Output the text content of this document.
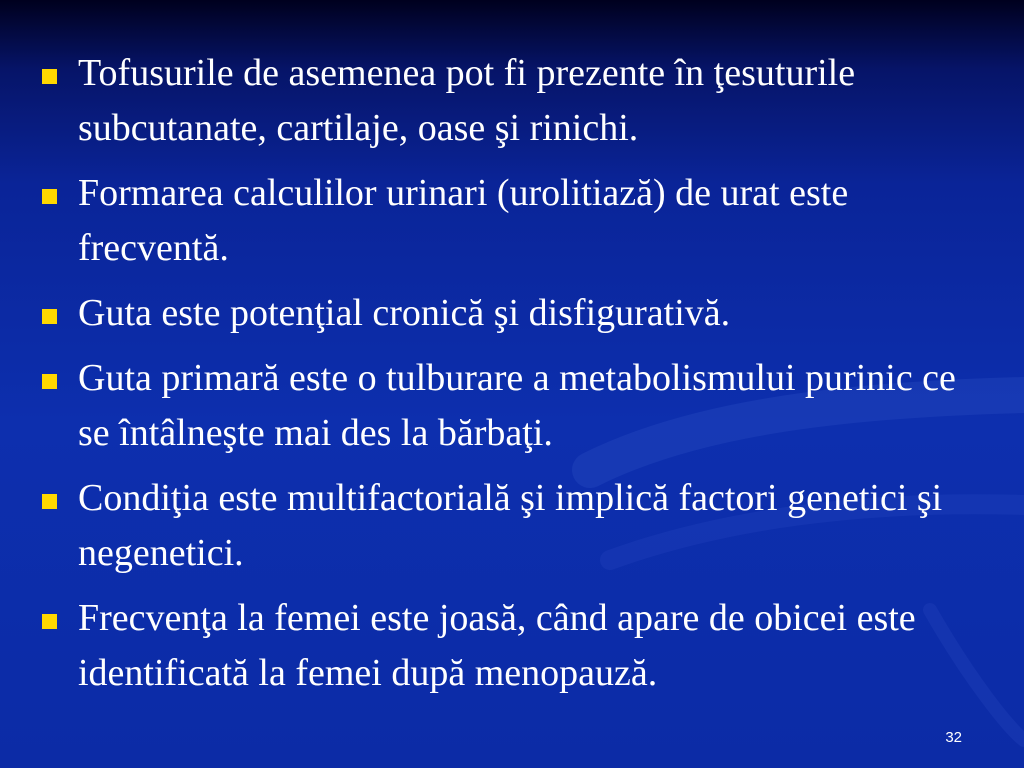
Tofusurile de asemenea pot fi prezente în ţesuturile subcutanate, cartilaje, oase şi rinichi.
Formarea calculilor urinari (urolitiază) de urat este frecventă.
Guta este potenţial cronică şi disfigurativă.
Guta primară este o tulburare a metabolismului purinic ce se întâlneşte mai des la bărbaţi.
Condiţia este multifactorială şi implică factori genetici şi negenetici.
Frecvenţa la femei este joasă, când apare de obicei este identificată la femei după menopauză.
32
